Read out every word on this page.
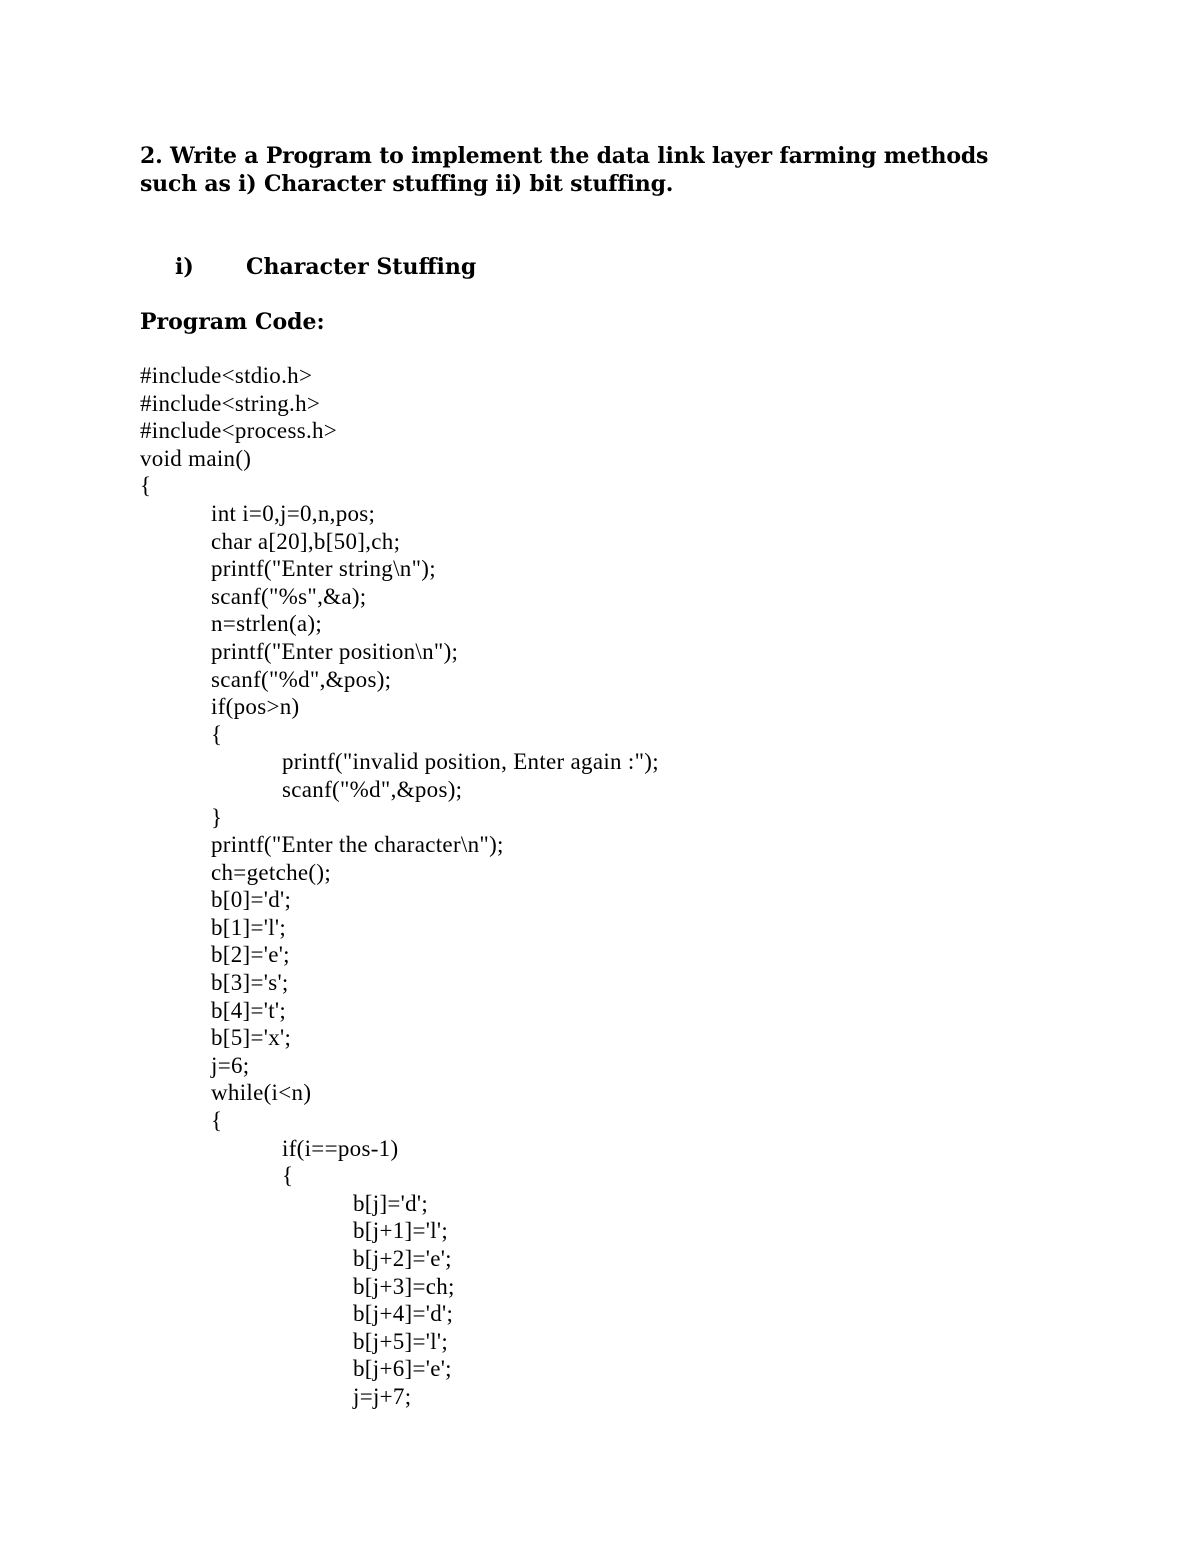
2. Write a Program to implement the data link layer farming methods
such as i) Character stuffing ii) bit stuffing.
i) Character Stuffing
Program Code:
#include<stdio.h>
#include<string.h>
#include<process.h>
void main()
{
int i=0,j=0,n,pos;
char a[20],b[50],ch;
printf("Enter string\n");
scanf("%s",&a);
n=strlen(a);
printf("Enter position\n");
scanf("%d",&pos);
if(pos>n)
{
printf("invalid position, Enter again :");
scanf("%d",&pos);
}
printf("Enter the character\n");
ch=getche();
b[0]='d';
b[1]='l';
b[2]='e';
b[3]='s';
b[4]='t';
b[5]='x';
j=6;
while(i<n)
{
if(i==pos-1)
{
b[j]='d';
b[j+1]='l';
b[j+2]='e';
b[j+3]=ch;
b[j+4]='d';
b[j+5]='l';
b[j+6]='e';
j=j+7;
